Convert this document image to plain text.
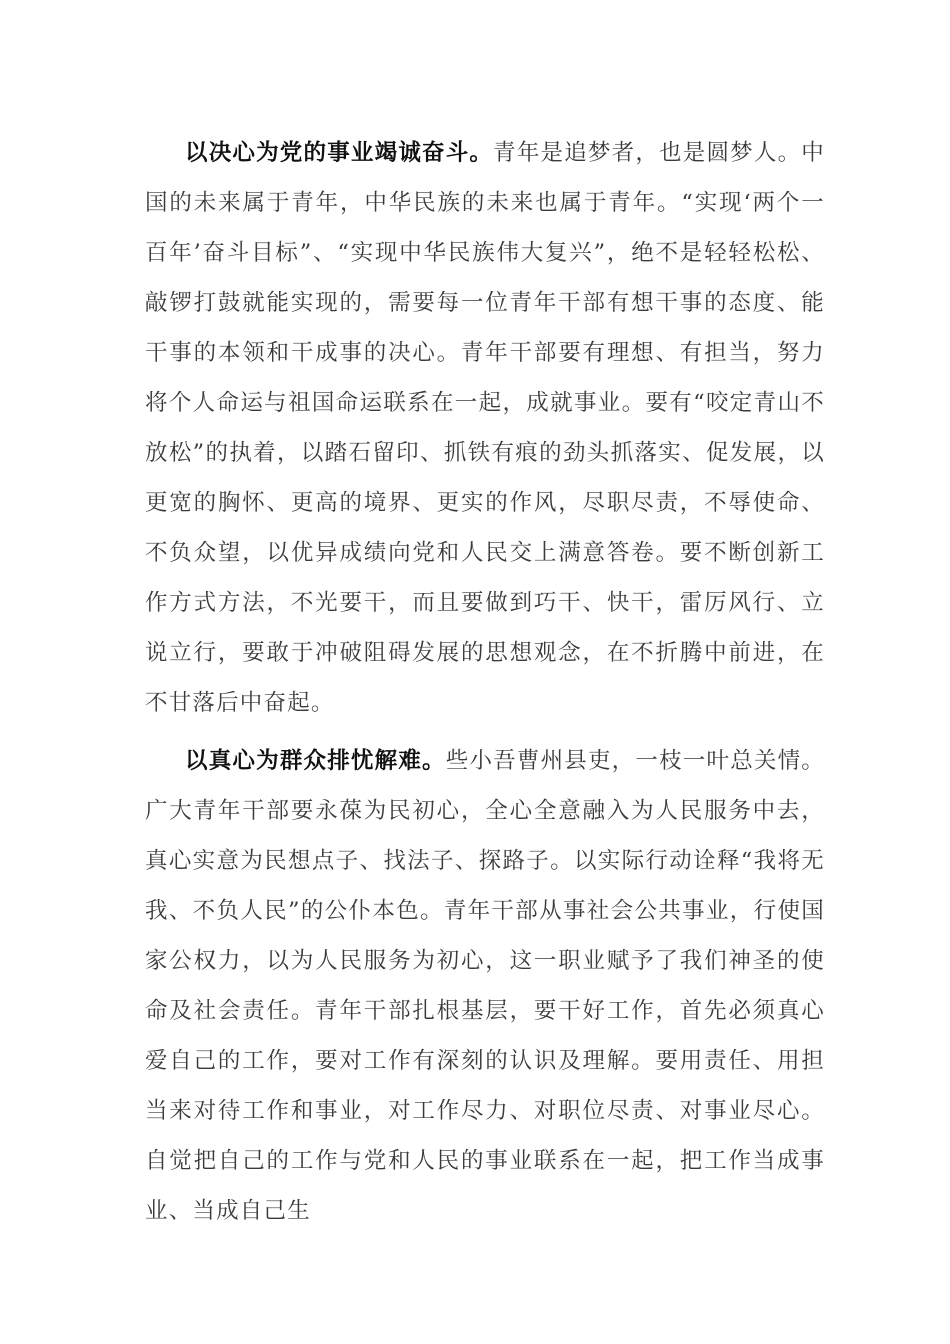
以决心为党的事业竭诚奋斗。青年是追梦者，也是圆梦人。中国的未来属于青年，中华民族的未来也属于青年。“实现‘两个一百年’奋斗目标”、“实现中华民族伟大复兴”，绝不是轻轻松松、敲锣打鼓就能实现的，需要每一位青年干部有想干事的态度、能干事的本领和干成事的决心。青年干部要有理想、有担当，努力将个人命运与祖国命运联系在一起，成就事业。要有“咬定青山不放松”的执着，以踏石留印、抓铁有痕的劲头抓落实、促发展，以更宽的胸怀、更高的境界、更实的作风，尽职尽责，不辱使命、不负众望，以优异成绩向党和人民交上满意答卷。要不断创新工作方式方法，不光要干，而且要做到巧干、快干，雷厉风行、立说立行，要敢于冲破阻碍发展的思想观念，在不折腾中前进，在不甘落后中奋起。

以真心为群众排忧解难。些小吾曹州县吏，一枝一叶总关情。广大青年干部要永葆为民初心，全心全意融入为人民服务中去，真心实意为民想点子、找法子、探路子。以实际行动诠释“我将无我、不负人民”的公仆本色。青年干部从事社会公共事业，行使国家公权力，以为人民服务为初心，这一职业赋予了我们神圣的使命及社会责任。青年干部扎根基层，要干好工作，首先必须真心爱自己的工作，要对工作有深刻的认识及理解。要用责任、用担当来对待工作和事业，对工作尽力、对职位尽责、对事业尽心。自觉把自己的工作与党和人民的事业联系在一起，把工作当成事业、当成自己生
